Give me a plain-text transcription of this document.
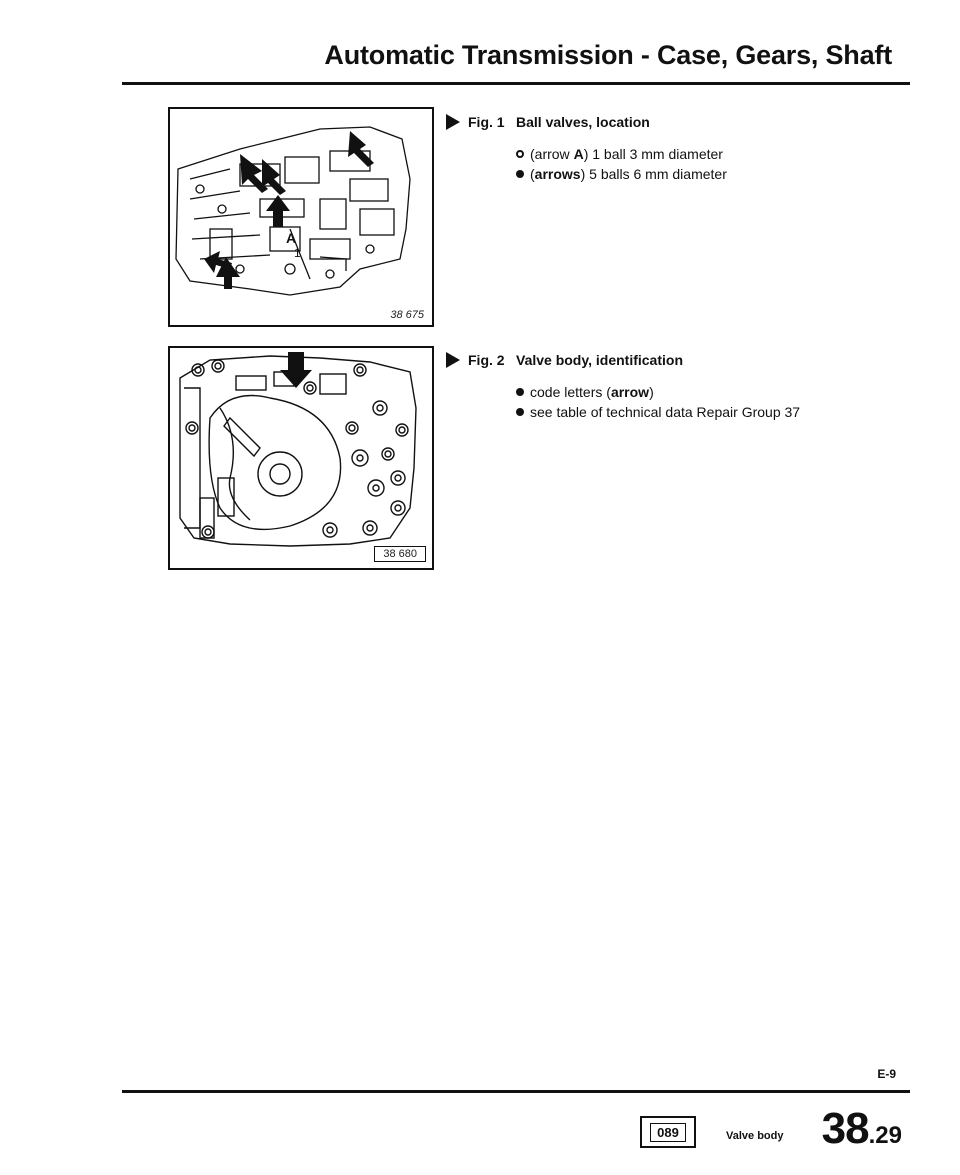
Automatic Transmission - Case, Gears, Shaft
A
1
38 675
Fig. 1 Ball valves, location
(arrow A) 1 ball 3 mm diameter
(arrows) 5 balls 6 mm diameter
38 680
Fig. 2 Valve body, identification
code letters (arrow)
see table of technical data Repair Group 37
E-9
089	Valve body 38.29
